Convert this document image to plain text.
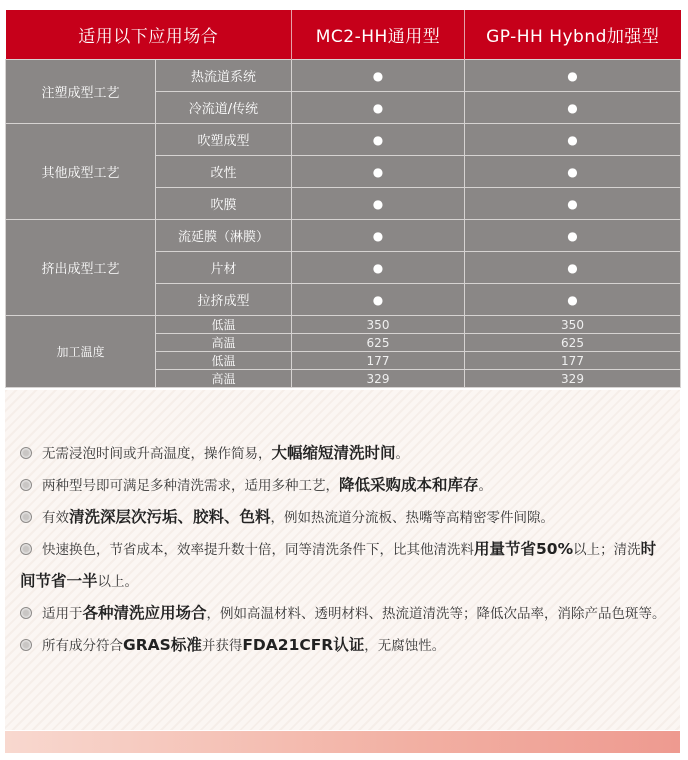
适用以下应用场合		MC2-HH通用型	GP-HH Hybnd加强型
注塑成型工艺	热流道系统	●	●
	冷流道/传统	●	●
其他成型工艺	吹塑成型	●	●
	改性	●	●
	吹膜	●	●
挤出成型工艺	流延膜（淋膜）	●	●
	片材	●	●
	拉挤成型	●	●
加工温度	低温	350	350
	高温	625	625
	低温	177	177
	高温	329	329
无需浸泡时间或升高温度，操作简易，大幅缩短清洗时间。
两种型号即可满足多种清洗需求，适用多种工艺，降低采购成本和库存。
有效清洗深层次污垢、胶料、色料，例如热流道分流板、热嘴等高精密零件间隙。
快速换色，节省成本，效率提升数十倍，同等清洗条件下，比其他清洗料用量节省50%以上；清洗时间节省一半以上。
适用于各种清洗应用场合，例如高温材料、透明材料、热流道清洗等；降低次品率，消除产品色斑等。
所有成分符合GRAS标准并获得FDA21CFR认证，无腐蚀性。
